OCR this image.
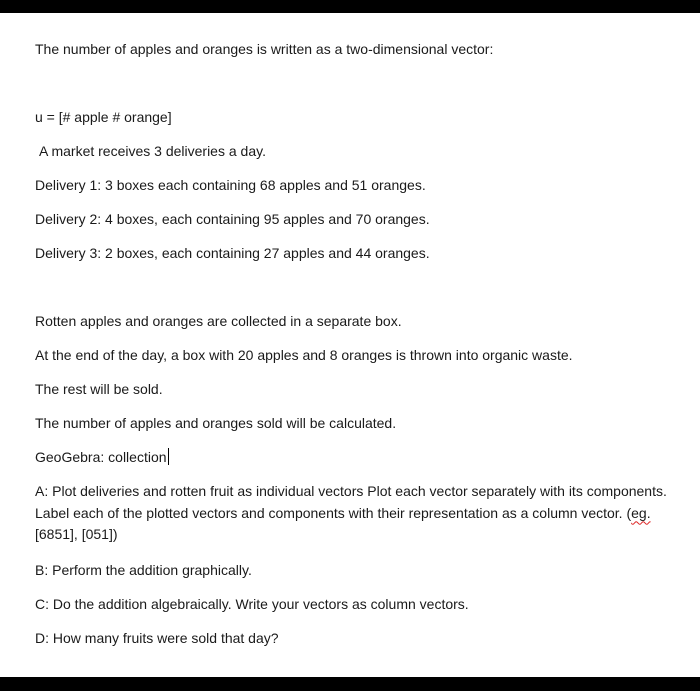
The number of apples and oranges is written as a two-dimensional vector:
u = [# apple # orange]
A market receives 3 deliveries a day.
Delivery 1: 3 boxes each containing 68 apples and 51 oranges.
Delivery 2: 4 boxes, each containing 95 apples and 70 oranges.
Delivery 3: 2 boxes, each containing 27 apples and 44 oranges.
Rotten apples and oranges are collected in a separate box.
At the end of the day, a box with 20 apples and 8 oranges is thrown into organic waste.
The rest will be sold.
The number of apples and oranges sold will be calculated.
GeoGebra: collection
A: Plot deliveries and rotten fruit as individual vectors Plot each vector separately with its components. Label each of the plotted vectors and components with their representation as a column vector. (eg. [6851], [051])
B: Perform the addition graphically.
C: Do the addition algebraically. Write your vectors as column vectors.
D: How many fruits were sold that day?
